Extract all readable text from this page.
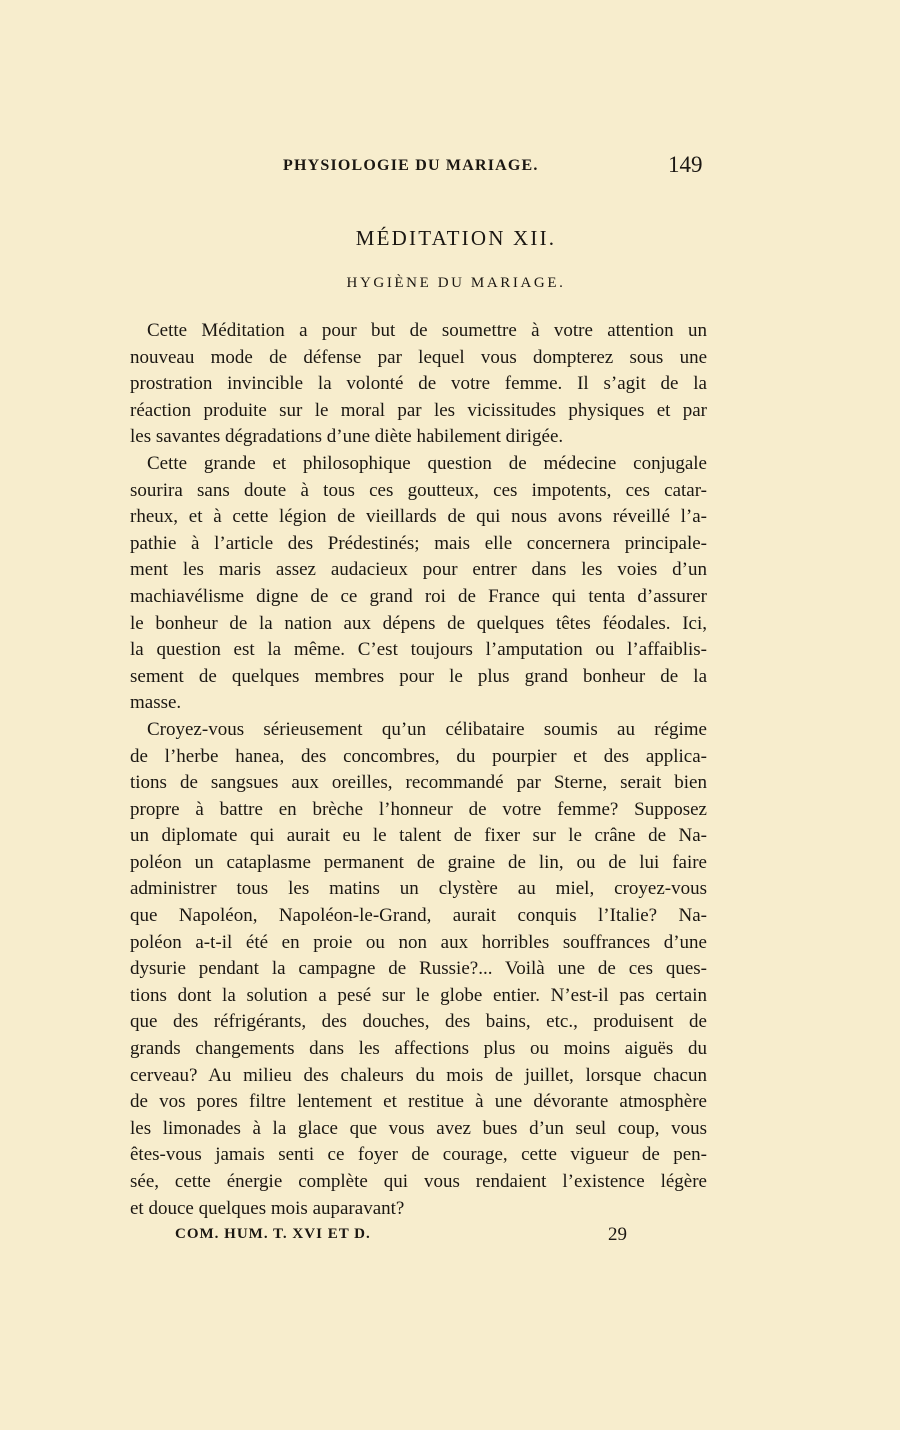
PHYSIOLOGIE DU MARIAGE.	149
MÉDITATION XII.
HYGIÈNE DU MARIAGE.
Cette Méditation a pour but de soumettre à votre attention un
nouveau mode de défense par lequel vous dompterez sous une
prostration invincible la volonté de votre femme. Il s’agit de la
réaction produite sur le moral par les vicissitudes physiques et par
les savantes dégradations d’une diète habilement dirigée.
Cette grande et philosophique question de médecine conjugale
sourira sans doute à tous ces goutteux, ces impotents, ces catar-
rheux, et à cette légion de vieillards de qui nous avons réveillé l’a-
pathie à l’article des Prédestinés; mais elle concernera principale-
ment les maris assez audacieux pour entrer dans les voies d’un
machiavélisme digne de ce grand roi de France qui tenta d’assurer
le bonheur de la nation aux dépens de quelques têtes féodales. Ici,
la question est la même. C’est toujours l’amputation ou l’affaiblis-
sement de quelques membres pour le plus grand bonheur de la
masse.
Croyez-vous sérieusement qu’un célibataire soumis au régime
de l’herbe hanea, des concombres, du pourpier et des applica-
tions de sangsues aux oreilles, recommandé par Sterne, serait bien
propre à battre en brèche l’honneur de votre femme? Supposez
un diplomate qui aurait eu le talent de fixer sur le crâne de Na-
poléon un cataplasme permanent de graine de lin, ou de lui faire
administrer tous les matins un clystère au miel, croyez-vous
que Napoléon, Napoléon-le-Grand, aurait conquis l’Italie? Na-
poléon a-t-il été en proie ou non aux horribles souffrances d’une
dysurie pendant la campagne de Russie?... Voilà une de ces ques-
tions dont la solution a pesé sur le globe entier. N’est-il pas certain
que des réfrigérants, des douches, des bains, etc., produisent de
grands changements dans les affections plus ou moins aiguës du
cerveau? Au milieu des chaleurs du mois de juillet, lorsque chacun
de vos pores filtre lentement et restitue à une dévorante atmosphère
les limonades à la glace que vous avez bues d’un seul coup, vous
êtes-vous jamais senti ce foyer de courage, cette vigueur de pen-
sée, cette énergie complète qui vous rendaient l’existence légère
et douce quelques mois auparavant?
COM. HUM. T. XVI ET D.	29
